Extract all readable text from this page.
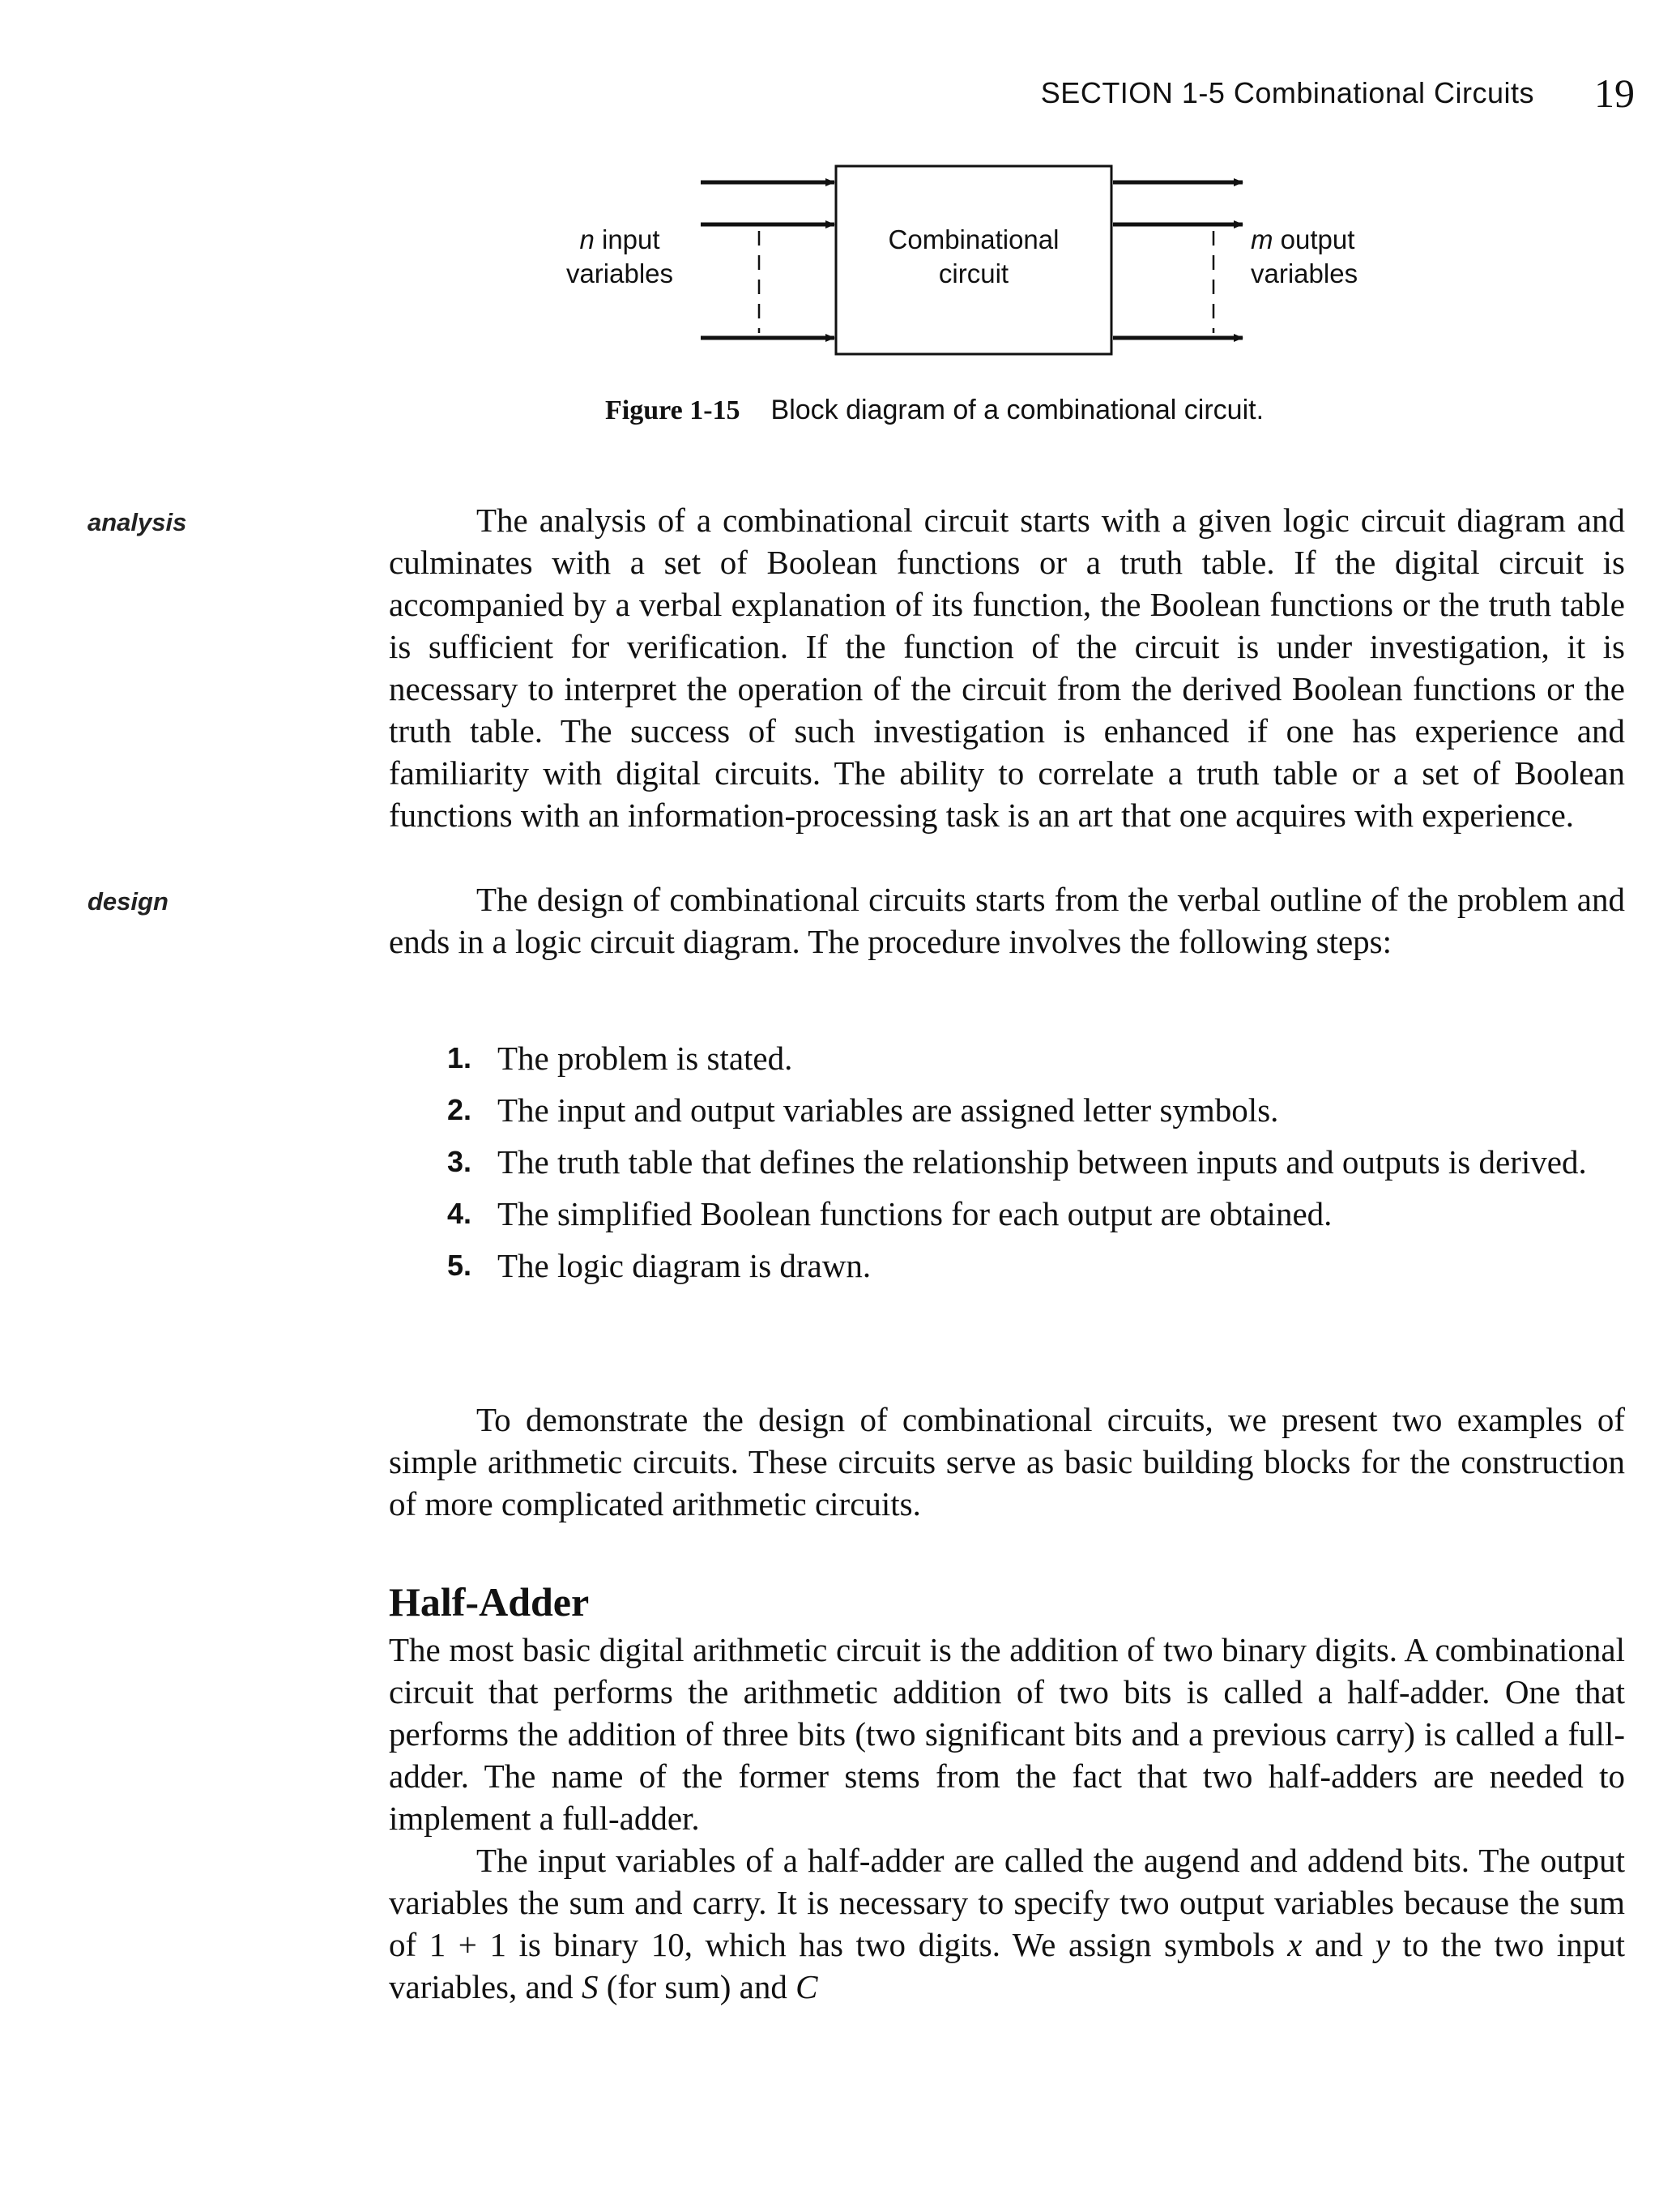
SECTION 1-5 Combinational Circuits 19
n input
variables
Combinational
circuit
m output
variables
Figure 1-15 Block diagram of a combinational circuit.
analysis
design

The analysis of a combinational circuit starts with a given logic circuit diagram and culminates with a set of Boolean functions or a truth table. If the digital circuit is accompanied by a verbal explanation of its function, the Boolean functions or the truth table is sufficient for verification. If the function of the circuit is under investigation, it is necessary to interpret the operation of the circuit from the derived Boolean functions or the truth table. The success of such investigation is enhanced if one has experience and familiarity with digital circuits. The ability to correlate a truth table or a set of Boolean functions with an information-processing task is an art that one acquires with experience.

The design of combinational circuits starts from the verbal outline of the problem and ends in a logic circuit diagram. The procedure involves the following steps:

1. The problem is stated.
2. The input and output variables are assigned letter symbols.
3. The truth table that defines the relationship between inputs and outputs is derived.
4. The simplified Boolean functions for each output are obtained.
5. The logic diagram is drawn.

To demonstrate the design of combinational circuits, we present two examples of simple arithmetic circuits. These circuits serve as basic building blocks for the construction of more complicated arithmetic circuits.

Half-Adder

The most basic digital arithmetic circuit is the addition of two binary digits. A combinational circuit that performs the arithmetic addition of two bits is called a half-adder. One that performs the addition of three bits (two significant bits and a previous carry) is called a full-adder. The name of the former stems from the fact that two half-adders are needed to implement a full-adder.

The input variables of a half-adder are called the augend and addend bits. The output variables the sum and carry. It is necessary to specify two output variables because the sum of 1 + 1 is binary 10, which has two digits. We assign symbols x and y to the two input variables, and S (for sum) and C
